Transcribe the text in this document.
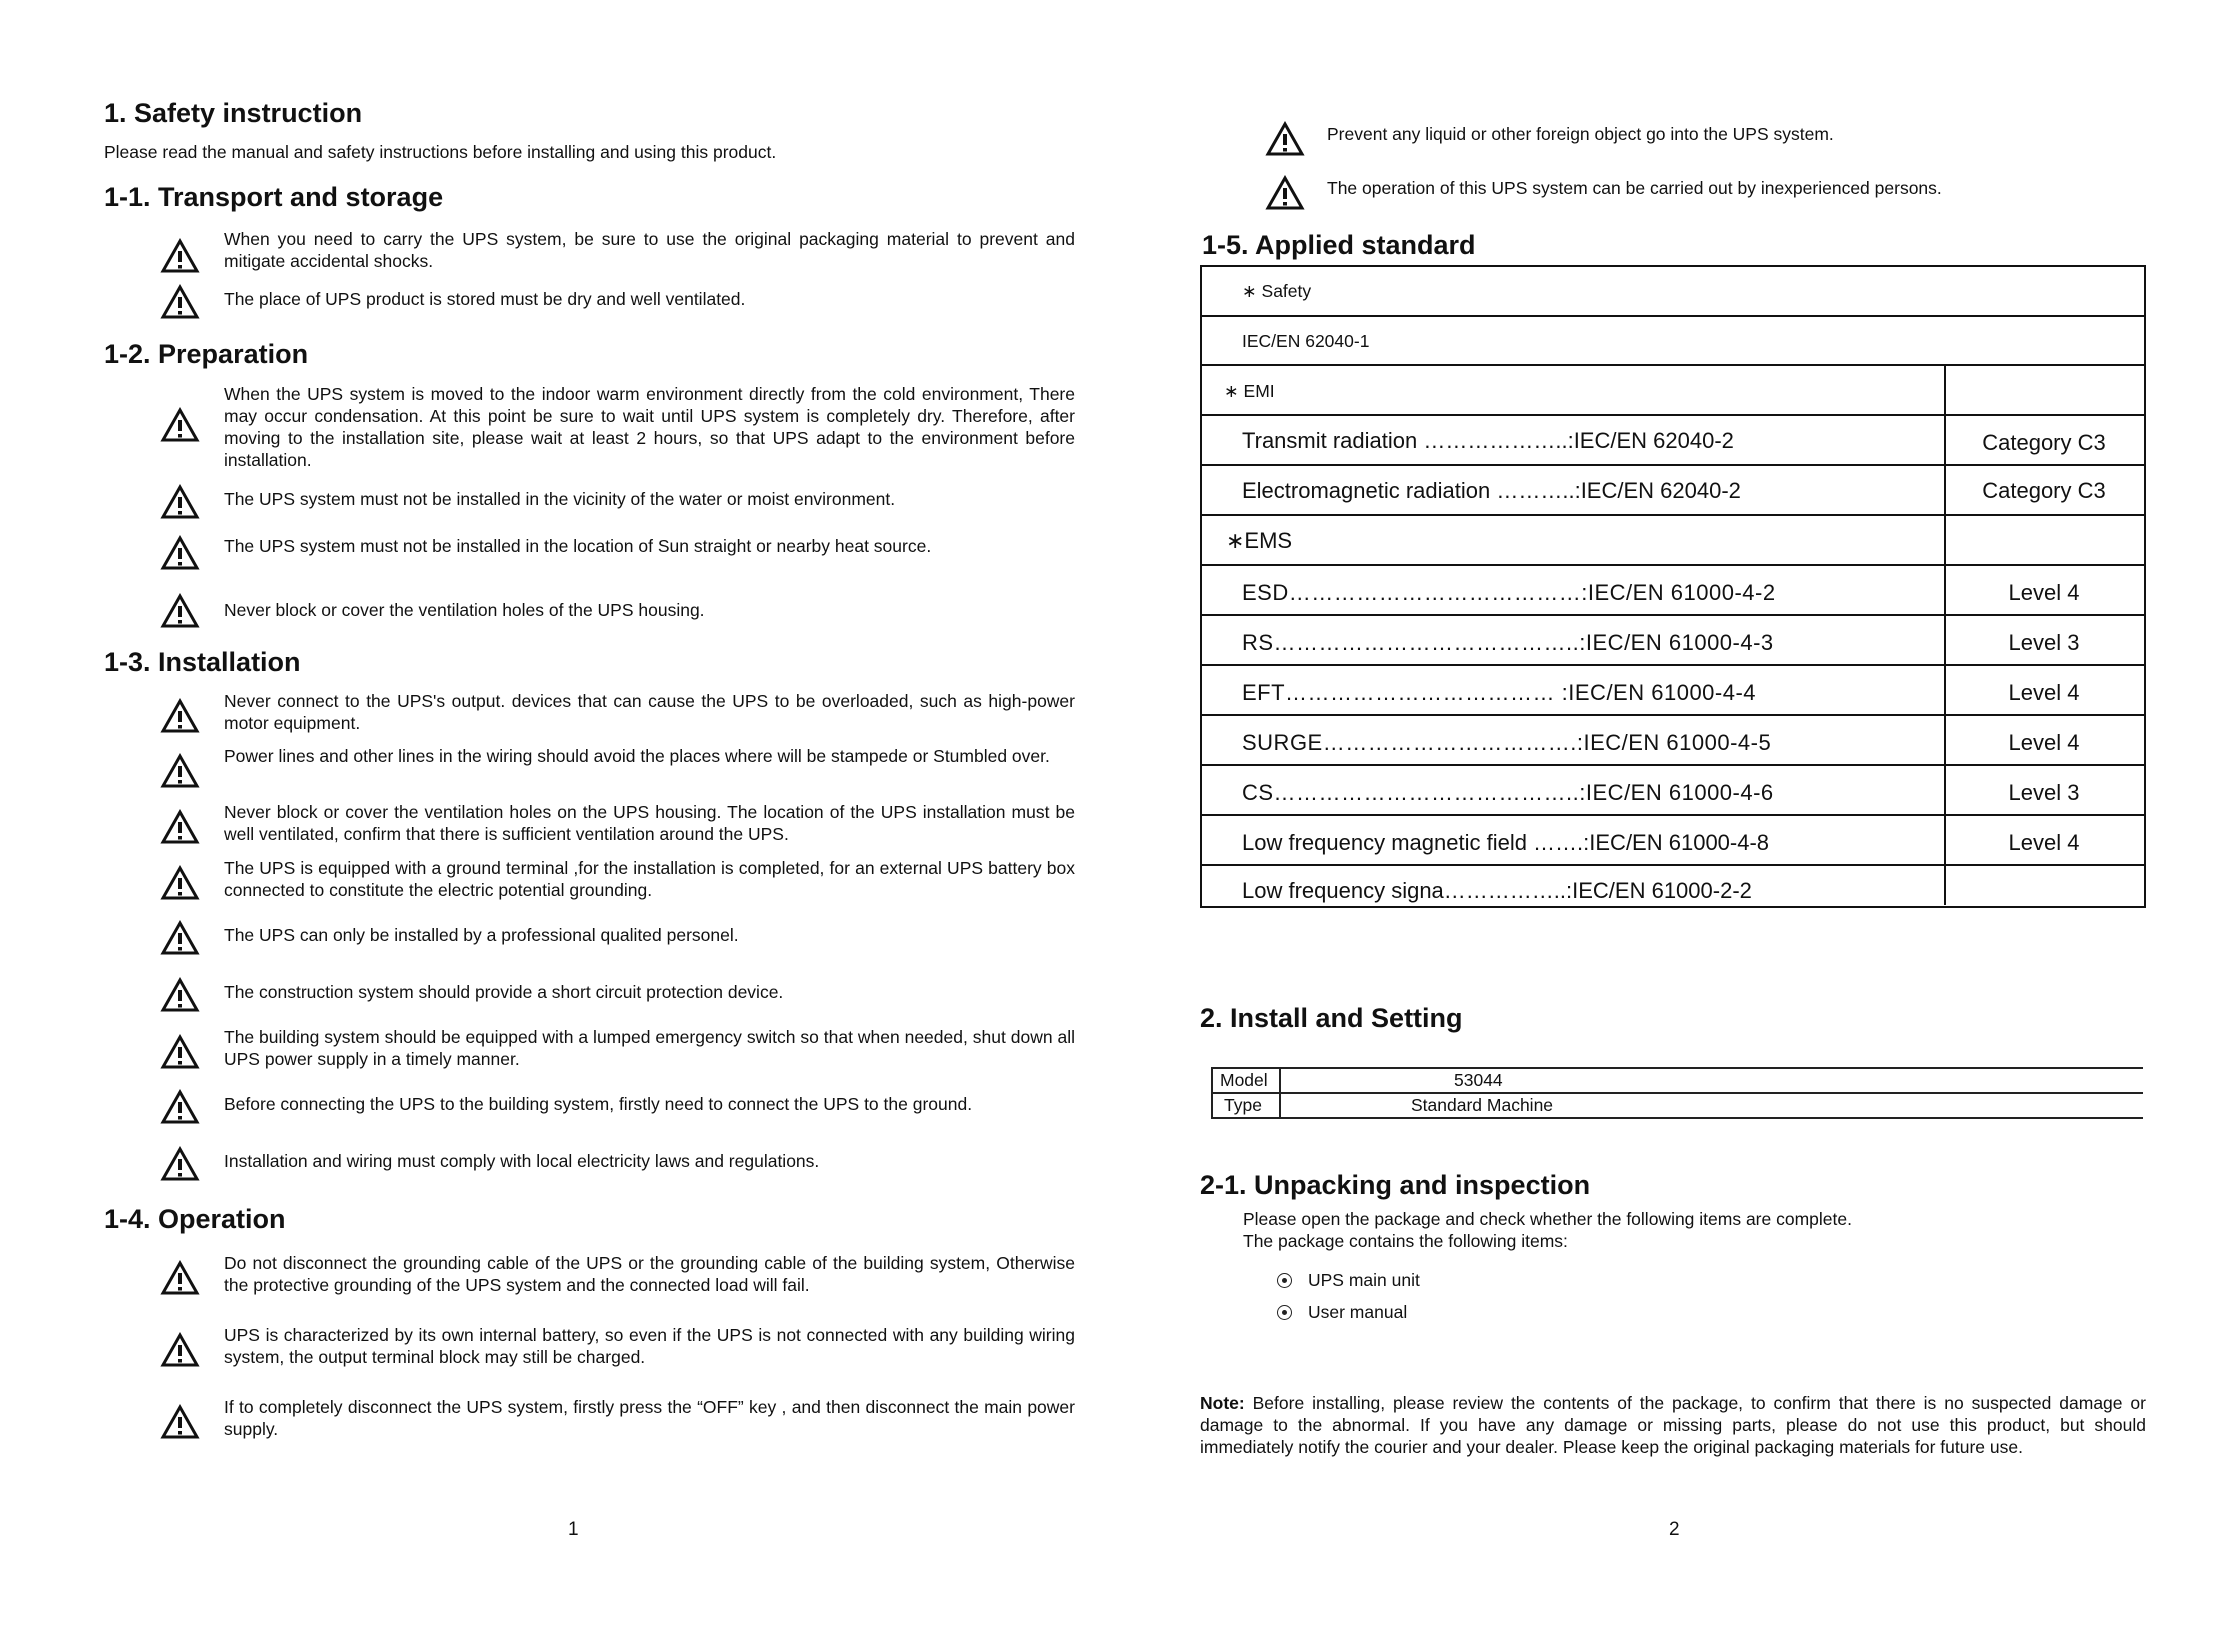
1. Safety instruction
Please read the manual and safety instructions before installing and using this product.
1-1. Transport and storage
When you need to carry the UPS system, be sure to use the original packaging material to prevent and mitigate accidental shocks.
The place of UPS product is stored must be dry and well ventilated.
1-2. Preparation
When the UPS system is moved to the indoor warm environment directly from the cold environment, There may occur condensation. At this point be sure to wait until UPS system is completely dry. Therefore, after moving to the installation site, please wait at least 2 hours, so that UPS adapt to the environment before installation.
The UPS system must not be installed in the vicinity of the water or moist environment.
The UPS system must not be installed in the location of Sun straight or nearby heat source.
Never block or cover the ventilation holes of the UPS housing.
1-3. Installation
Never connect to the UPS's output. devices that can cause the UPS to be overloaded, such as high-power motor equipment.
Power lines and other lines in the wiring should avoid the places where will be stampede or Stumbled over.
Never block or cover the ventilation holes on the UPS housing. The location of the UPS installation must be well ventilated, confirm that there is sufficient ventilation around the UPS.
The UPS is equipped with a ground terminal ,for the installation is completed, for an external UPS battery box connected to constitute the electric potential grounding.
The UPS can only be installed by a professional qualited personel.
The construction system should provide a short circuit protection device.
The building system should be equipped with a lumped emergency switch so that when needed, shut down all UPS power supply in a timely manner.
Before connecting the UPS to the building system, firstly need to connect the UPS to the ground.
Installation and wiring must comply with local electricity laws and regulations.
1-4. Operation
Do not disconnect the grounding cable of the UPS or the grounding cable of the building system, Otherwise the protective grounding of the UPS system and the connected load will fail.
UPS is characterized by its own internal battery, so even if the UPS is not connected with any building wiring system, the output terminal block may still be charged.
If to completely disconnect the UPS system, firstly press the “OFF” key , and then disconnect the main power supply.
1
Prevent any liquid or other foreign object go into the UPS system.
The operation of this UPS system can be carried out by inexperienced persons.
1-5. Applied standard
∗ Safety
IEC/EN 62040-1
∗ EMI
Transmit radiation ………………..:IEC/EN 62040-2	Category C3
Electromagnetic radiation ………..:IEC/EN 62040-2	Category C3
∗EMS
ESD…………………………………:IEC/EN 61000-4-2	Level 4
RS…………………………………..:IEC/EN 61000-4-3	Level 3
EFT……………………………… :IEC/EN 61000-4-4	Level 4
SURGE…………………………….:IEC/EN 61000-4-5	Level 4
CS…………………………………..:IEC/EN 61000-4-6	Level 3
Low frequency magnetic field …….:IEC/EN 61000-4-8	Level 4
Low frequency signa……………..:IEC/EN 61000-2-2
2. Install and Setting
Model	53044
Type	Standard Machine
2-1. Unpacking and inspection
Please open the package and check whether the following items are complete.
The package contains the following items:
UPS main unit
User manual
Note: Before installing, please review the contents of the package, to confirm that there is no suspected damage or damage to the abnormal. If you have any damage or missing parts, please do not use this product, but should immediately notify the courier and your dealer. Please keep the original packaging materials for future use.
2
